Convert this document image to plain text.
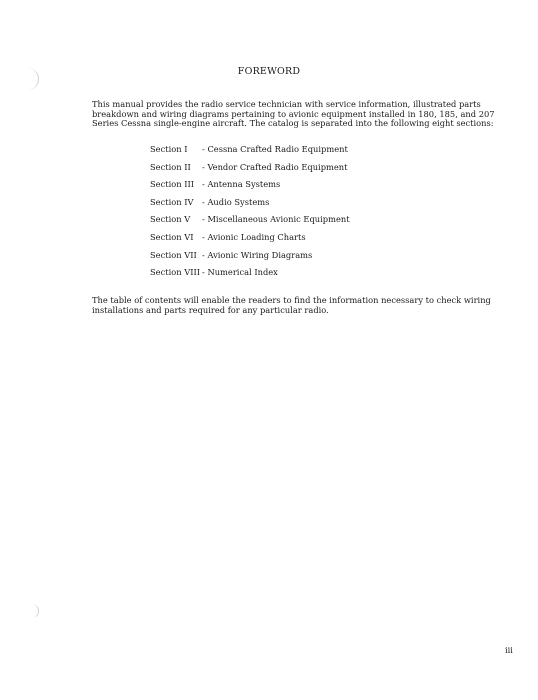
FOREWORD

This manual provides the radio service technician with service information, illustrated parts breakdown and wiring diagrams pertaining to avionic equipment installed in 180, 185, and 207 Series Cessna single-engine aircraft. The catalog is separated into the following eight sections:

Section I - Cessna Crafted Radio Equipment
Section II - Vendor Crafted Radio Equipment
Section III - Antenna Systems
Section IV - Audio Systems
Section V - Miscellaneous Avionic Equipment
Section VI - Avionic Loading Charts
Section VII - Avionic Wiring Diagrams
Section VIII - Numerical Index

The table of contents will enable the readers to find the information necessary to check wiring installations and parts required for any particular radio.

iii
